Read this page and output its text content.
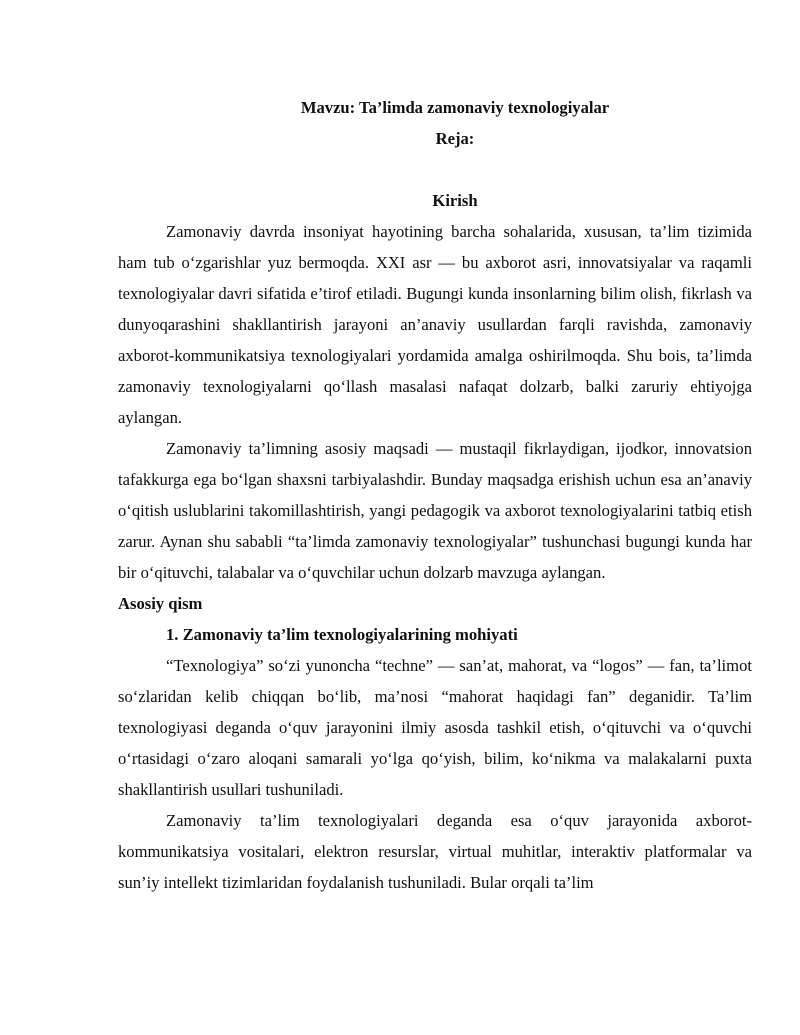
Mavzu: Ta’limda zamonaviy texnologiyalar

Reja:

Kirish

Zamonaviy davrda insoniyat hayotining barcha sohalarida, xususan, ta’lim tizimida ham tub o‘zgarishlar yuz bermoqda. XXI asr — bu axborot asri, innovatsiyalar va raqamli texnologiyalar davri sifatida e’tirof etiladi. Bugungi kunda insonlarning bilim olish, fikrlash va dunyoqarashini shakllantirish jarayoni an’anaviy usullardan farqli ravishda, zamonaviy axborot-kommunikatsiya texnologiyalari yordamida amalga oshirilmoqda. Shu bois, ta’limda zamonaviy texnologiyalarni qo‘llash masalasi nafaqat dolzarb, balki zaruriy ehtiyojga aylangan.

Zamonaviy ta’limning asosiy maqsadi — mustaqil fikrlaydigan, ijodkor, innovatsion tafakkurga ega bo‘lgan shaxsni tarbiyalashdir. Bunday maqsadga erishish uchun esa an’anaviy o‘qitish uslublarini takomillashtirish, yangi pedagogik va axborot texnologiyalarini tatbiq etish zarur. Aynan shu sababli “ta’limda zamonaviy texnologiyalar” tushunchasi bugungi kunda har bir o‘qituvchi, talabalar va o‘quvchilar uchun dolzarb mavzuga aylangan.

Asosiy qism

1. Zamonaviy ta’lim texnologiyalarining mohiyati

“Texnologiya” so‘zi yunoncha “techne” — san’at, mahorat, va “logos” — fan, ta’limot so‘zlaridan kelib chiqqan bo‘lib, ma’nosi “mahorat haqidagi fan” deganidir. Ta’lim texnologiyasi deganda o‘quv jarayonini ilmiy asosda tashkil etish, o‘qituvchi va o‘quvchi o‘rtasidagi o‘zaro aloqani samarali yo‘lga qo‘yish, bilim, ko‘nikma va malakalarni puxta shakllantirish usullari tushuniladi.

Zamonaviy ta’lim texnologiyalari deganda esa o‘quv jarayonida axborot-kommunikatsiya vositalari, elektron resurslar, virtual muhitlar, interaktiv platformalar va sun’iy intellekt tizimlaridan foydalanish tushuniladi. Bular orqali ta’lim
